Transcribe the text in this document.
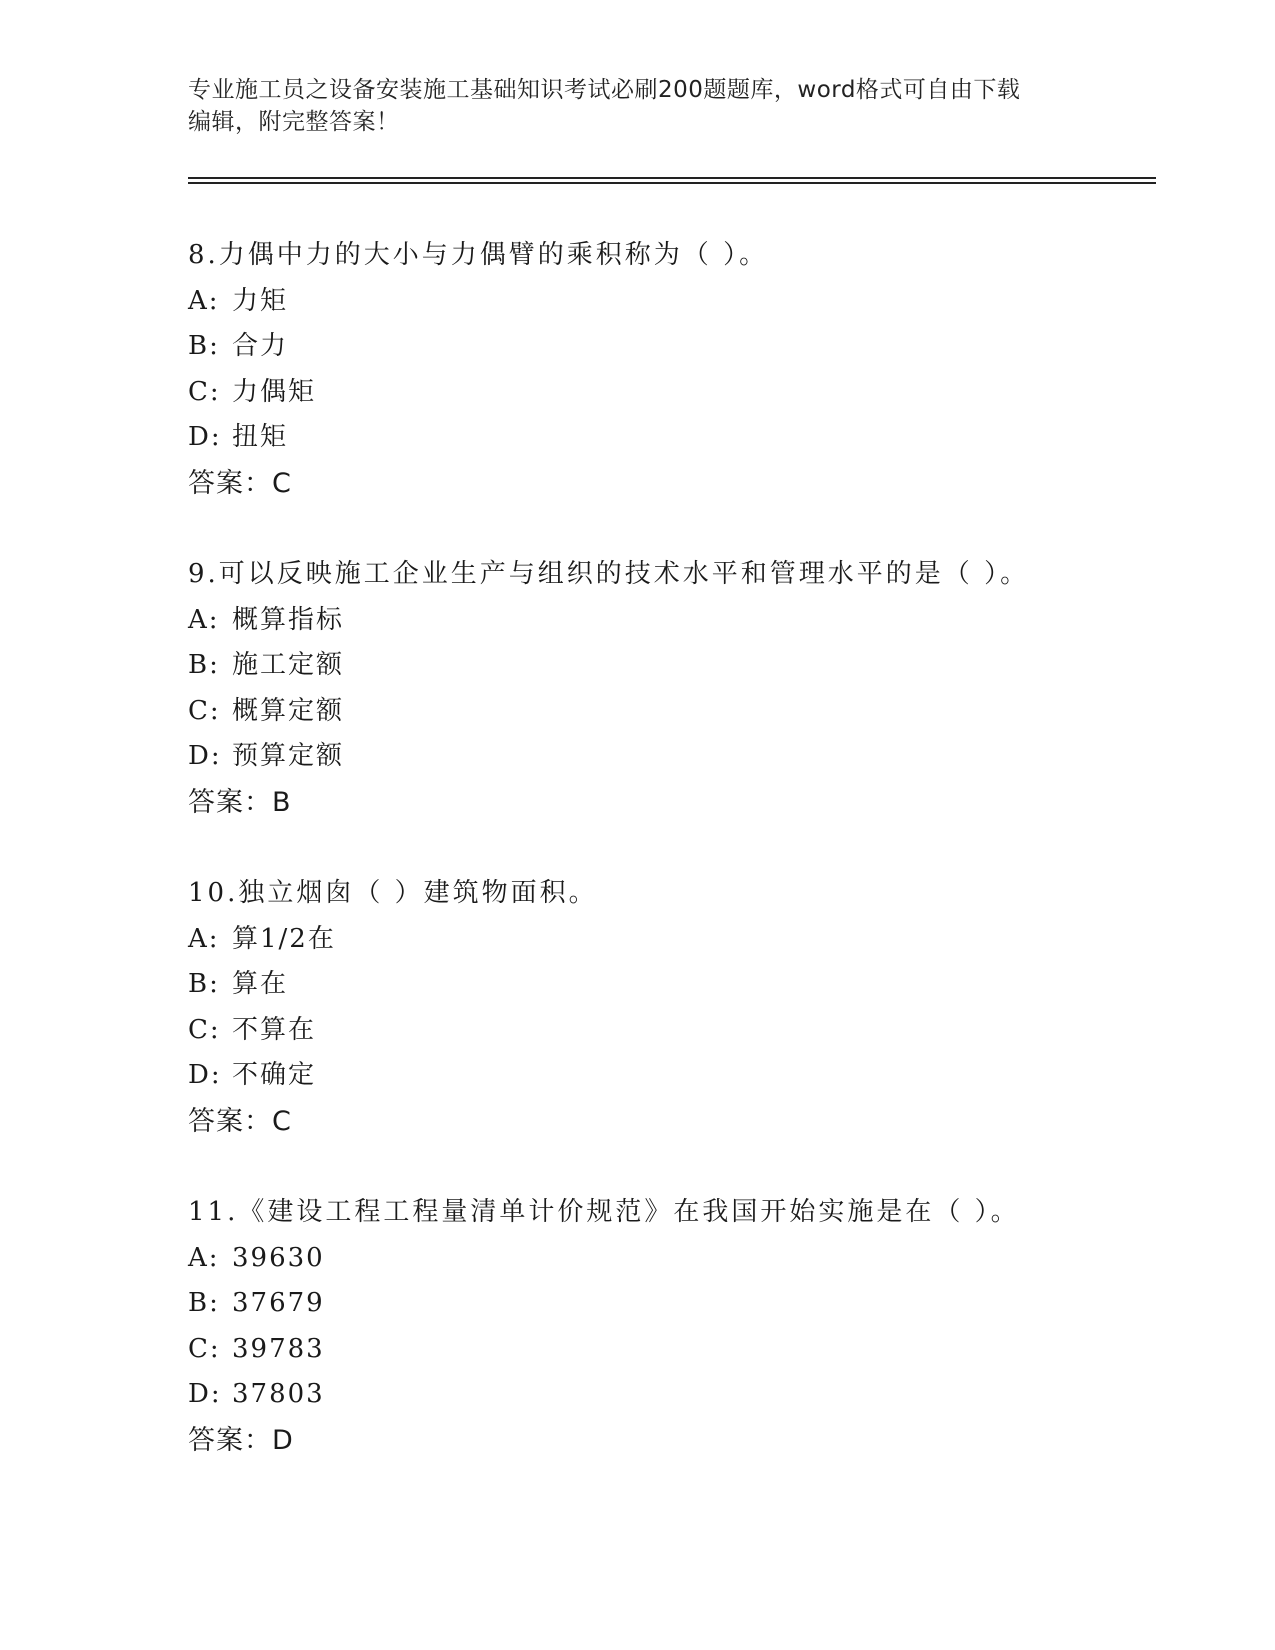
专业施工员之设备安装施工基础知识考试必刷200题题库，word格式可自由下载
编辑，附完整答案！
8.力偶中力的大小与力偶臂的乘积称为（ ）。
A: 力矩
B: 合力
C: 力偶矩
D: 扭矩
答案：C
9.可以反映施工企业生产与组织的技术水平和管理水平的是（ ）。
A: 概算指标
B: 施工定额
C: 概算定额
D: 预算定额
答案：B
10.独立烟囱（ ）建筑物面积。
A: 算1/2在
B: 算在
C: 不算在
D: 不确定
答案：C
11.《建设工程工程量清单计价规范》在我国开始实施是在（ ）。
A: 39630
B: 37679
C: 39783
D: 37803
答案：D
